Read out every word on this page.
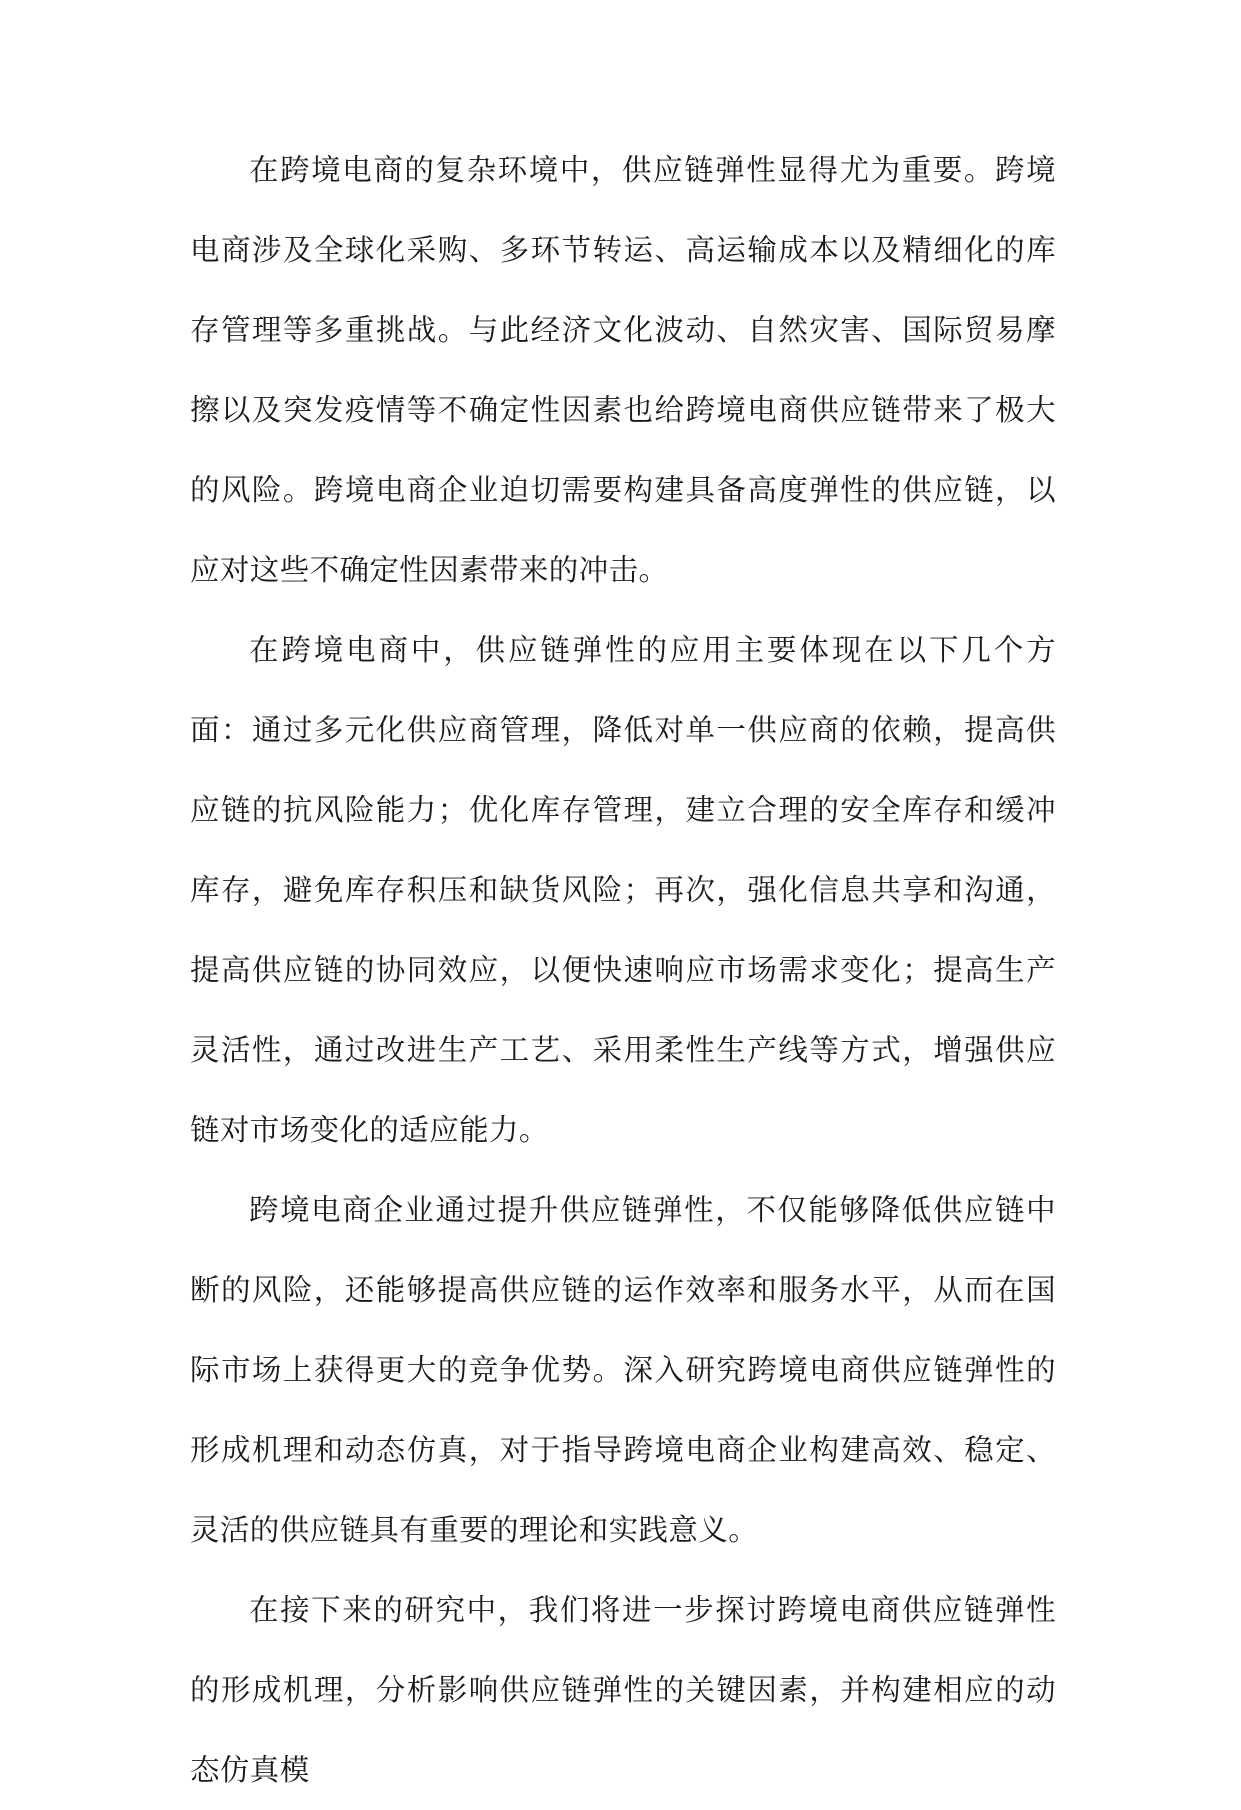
在跨境电商的复杂环境中，供应链弹性显得尤为重要。跨境电商涉及全球化采购、多环节转运、高运输成本以及精细化的库存管理等多重挑战。与此经济文化波动、自然灾害、国际贸易摩擦以及突发疫情等不确定性因素也给跨境电商供应链带来了极大的风险。跨境电商企业迫切需要构建具备高度弹性的供应链，以应对这些不确定性因素带来的冲击。

在跨境电商中，供应链弹性的应用主要体现在以下几个方面：通过多元化供应商管理，降低对单一供应商的依赖，提高供应链的抗风险能力；优化库存管理，建立合理的安全库存和缓冲库存，避免库存积压和缺货风险；再次，强化信息共享和沟通，提高供应链的协同效应，以便快速响应市场需求变化；提高生产灵活性，通过改进生产工艺、采用柔性生产线等方式，增强供应链对市场变化的适应能力。

跨境电商企业通过提升供应链弹性，不仅能够降低供应链中断的风险，还能够提高供应链的运作效率和服务水平，从而在国际市场上获得更大的竞争优势。深入研究跨境电商供应链弹性的形成机理和动态仿真，对于指导跨境电商企业构建高效、稳定、灵活的供应链具有重要的理论和实践意义。

在接下来的研究中，我们将进一步探讨跨境电商供应链弹性的形成机理，分析影响供应链弹性的关键因素，并构建相应的动态仿真模
